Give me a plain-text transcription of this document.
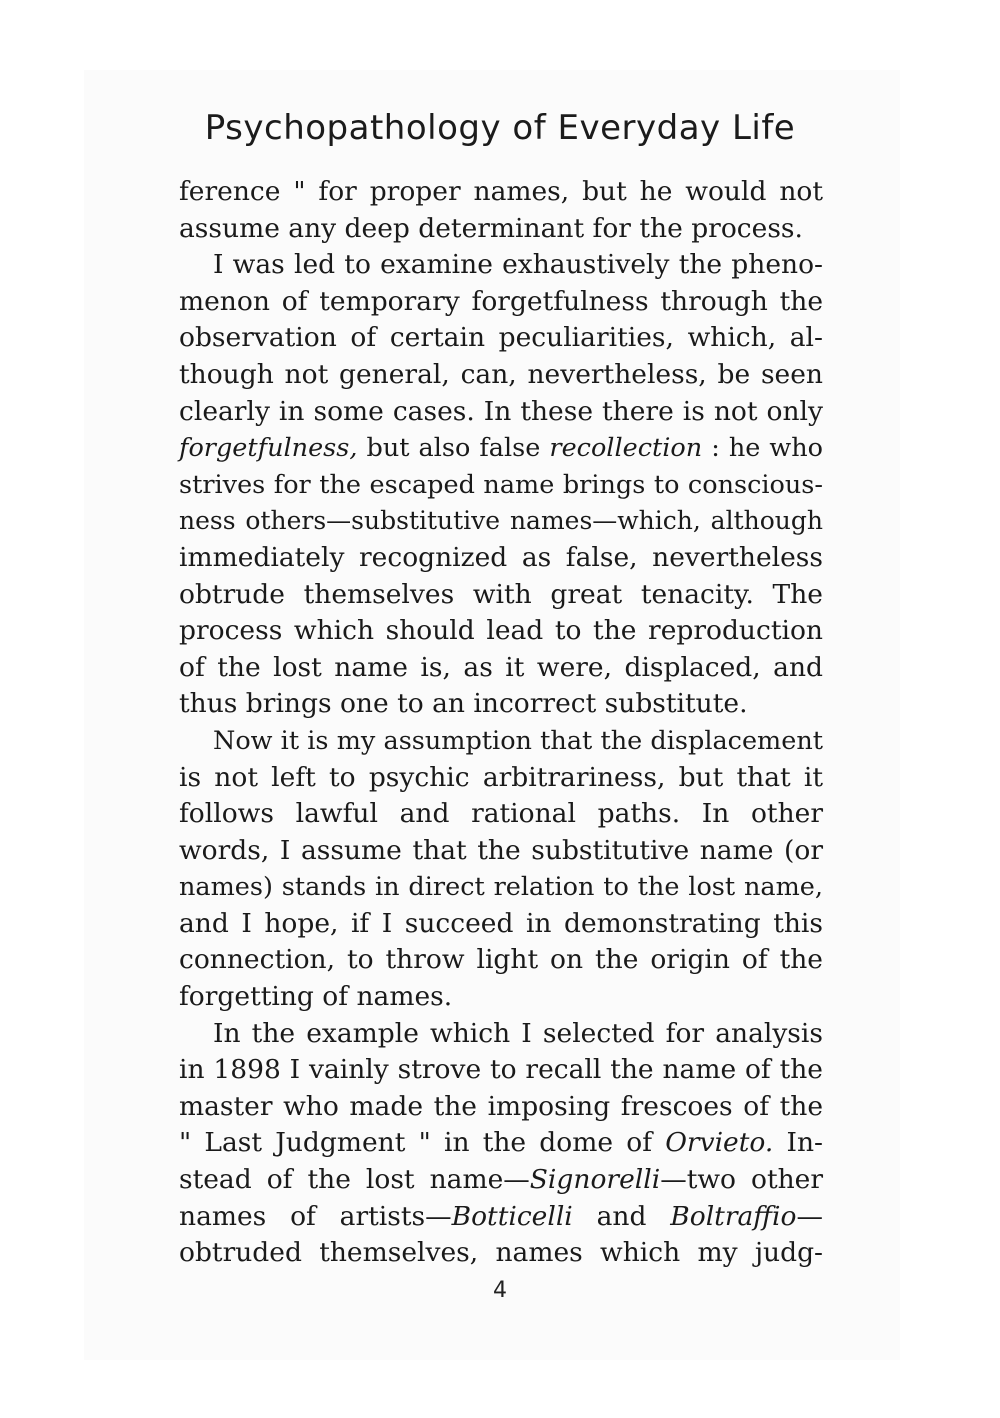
Psychopathology of Everyday Life
ference " for proper names, but he would not
assume any deep determinant for the process.
I was led to examine exhaustively the pheno-
menon of temporary forgetfulness through the
observation of certain peculiarities, which, al-
though not general, can, nevertheless, be seen
clearly in some cases. In these there is not only
forgetfulness, but also false recollection : he who
strives for the escaped name brings to conscious-
ness others—substitutive names—which, although
immediately recognized as false, nevertheless
obtrude themselves with great tenacity. The
process which should lead to the reproduction
of the lost name is, as it were, displaced, and
thus brings one to an incorrect substitute.
Now it is my assumption that the displacement
is not left to psychic arbitrariness, but that it
follows lawful and rational paths. In other
words, I assume that the substitutive name (or
names) stands in direct relation to the lost name,
and I hope, if I succeed in demonstrating this
connection, to throw light on the origin of the
forgetting of names.
In the example which I selected for analysis
in 1898 I vainly strove to recall the name of the
master who made the imposing frescoes of the
" Last Judgment " in the dome of Orvieto. In-
stead of the lost name—Signorelli—two other
names of artists—Botticelli and Boltraffio—
obtruded themselves, names which my judg-
4
